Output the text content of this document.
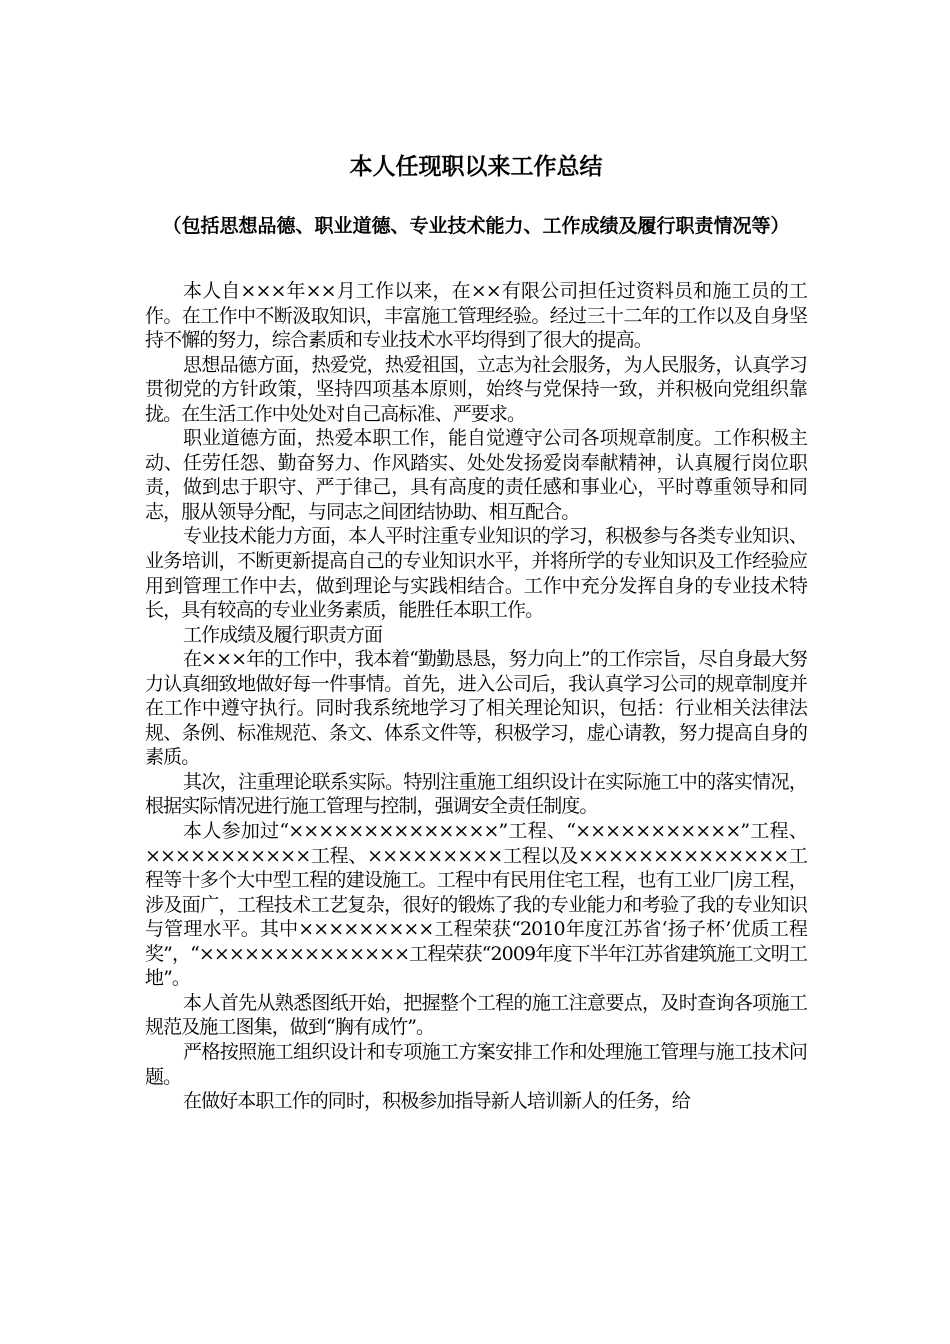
本人任现职以来工作总结
（包括思想品德、职业道德、专业技术能力、工作成绩及履行职责情况等）

本人自×××年××月工作以来，在××有限公司担任过资料员和施工员的工作。在工作中不断汲取知识，丰富施工管理经验。经过三十二年的工作以及自身坚持不懈的努力，综合素质和专业技术水平均得到了很大的提高。

思想品德方面，热爱党，热爱祖国，立志为社会服务，为人民服务，认真学习贯彻党的方针政策，坚持四项基本原则，始终与党保持一致，并积极向党组织靠拢。在生活工作中处处对自己高标准、严要求。

职业道德方面，热爱本职工作，能自觉遵守公司各项规章制度。工作积极主动、任劳任怨、勤奋努力、作风踏实、处处发扬爱岗奉献精神，认真履行岗位职责，做到忠于职守、严于律己，具有高度的责任感和事业心，平时尊重领导和同志，服从领导分配，与同志之间团结协助、相互配合。

专业技术能力方面，本人平时注重专业知识的学习，积极参与各类专业知识、业务培训，不断更新提高自己的专业知识水平，并将所学的专业知识及工作经验应用到管理工作中去，做到理论与实践相结合。工作中充分发挥自身的专业技术特长，具有较高的专业业务素质，能胜任本职工作。

工作成绩及履行职责方面

在×××年的工作中，我本着“勤勤恳恳，努力向上”的工作宗旨，尽自身最大努力认真细致地做好每一件事情。首先，进入公司后，我认真学习公司的规章制度并在工作中遵守执行。同时我系统地学习了相关理论知识，包括：行业相关法律法规、条例、标准规范、条文、体系文件等，积极学习，虚心请教，努力提高自身的素质。

其次，注重理论联系实际。特别注重施工组织设计在实际施工中的落实情况，根据实际情况进行施工管理与控制，强调安全责任制度。

本人参加过“××××××××××××××”工程、“×××××××××××”工程、×××××××××××工程、×××××××××工程以及××××××××××××××工程等十多个大中型工程的建设施工。工程中有民用住宅工程，也有工业厂|房工程，涉及面广，工程技术工艺复杂，很好的锻炼了我的专业能力和考验了我的专业知识与管理水平。其中×××××××××工程荣获“2010年度江苏省‘扬子杯’优质工程奖”，“××××××××××××××工程荣获“2009年度下半年江苏省建筑施工文明工地”。

本人首先从熟悉图纸开始，把握整个工程的施工注意要点，及时查询各项施工规范及施工图集，做到“胸有成竹”。

严格按照施工组织设计和专项施工方案安排工作和处理施工管理与施工技术问题。

在做好本职工作的同时，积极参加指导新人培训新人的任务，给
